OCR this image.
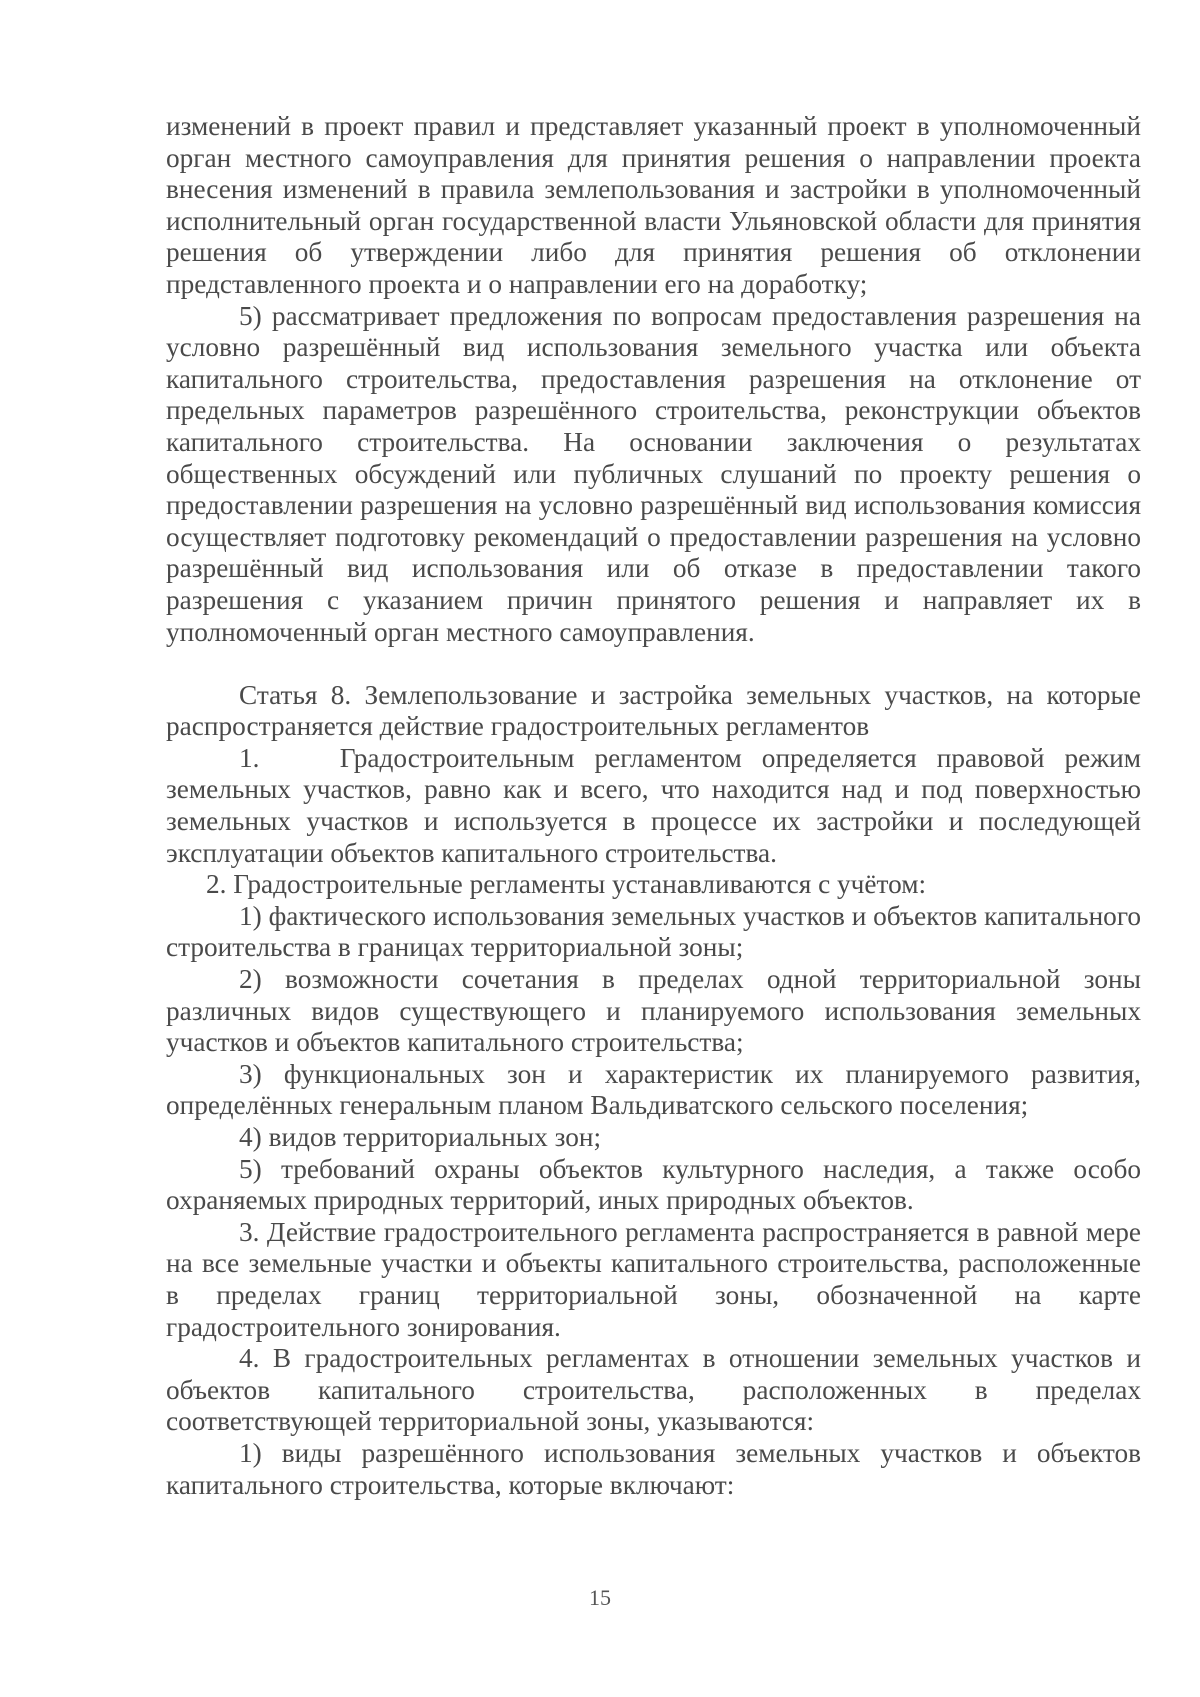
изменений в проект правил и представляет указанный проект в уполномоченный орган местного самоуправления для принятия решения о направлении проекта внесения изменений в правила землепользования и застройки в уполномоченный исполнительный орган государственной власти Ульяновской области для принятия решения об утверждении либо для принятия решения об отклонении представленного проекта и о направлении его на доработку;

5) рассматривает предложения по вопросам предоставления разрешения на условно разрешённый вид использования земельного участка или объекта капитального строительства, предоставления разрешения на отклонение от предельных параметров разрешённого строительства, реконструкции объектов капитального строительства. На основании заключения о результатах общественных обсуждений или публичных слушаний по проекту решения о предоставлении разрешения на условно разрешённый вид использования комиссия осуществляет подготовку рекомендаций о предоставлении разрешения на условно разрешённый вид использования или об отказе в предоставлении такого разрешения с указанием причин принятого решения и направляет их в уполномоченный орган местного самоуправления.

Статья 8. Землепользование и застройка земельных участков, на которые распространяется действие градостроительных регламентов

1.    Градостроительным регламентом определяется правовой режим земельных участков, равно как и всего, что находится над и под поверхностью земельных участков и используется в процессе их застройки и последующей эксплуатации объектов капитального строительства.

2. Градостроительные регламенты устанавливаются с учётом:

1) фактического использования земельных участков и объектов капитального строительства в границах территориальной зоны;

2) возможности сочетания в пределах одной территориальной зоны различных видов существующего и планируемого использования земельных участков и объектов капитального строительства;

3) функциональных зон и характеристик их планируемого развития, определённых генеральным планом Вальдиватского сельского поселения;

4) видов территориальных зон;

5) требований охраны объектов культурного наследия, а также особо охраняемых природных территорий, иных природных объектов.

3. Действие градостроительного регламента распространяется в равной мере на все земельные участки и объекты капитального строительства, расположенные в пределах границ территориальной зоны, обозначенной на карте градостроительного зонирования.

4. В градостроительных регламентах в отношении земельных участков и объектов капитального строительства, расположенных в пределах соответствующей территориальной зоны, указываются:

1) виды разрешённого использования земельных участков и объектов капитального строительства, которые включают:

15
